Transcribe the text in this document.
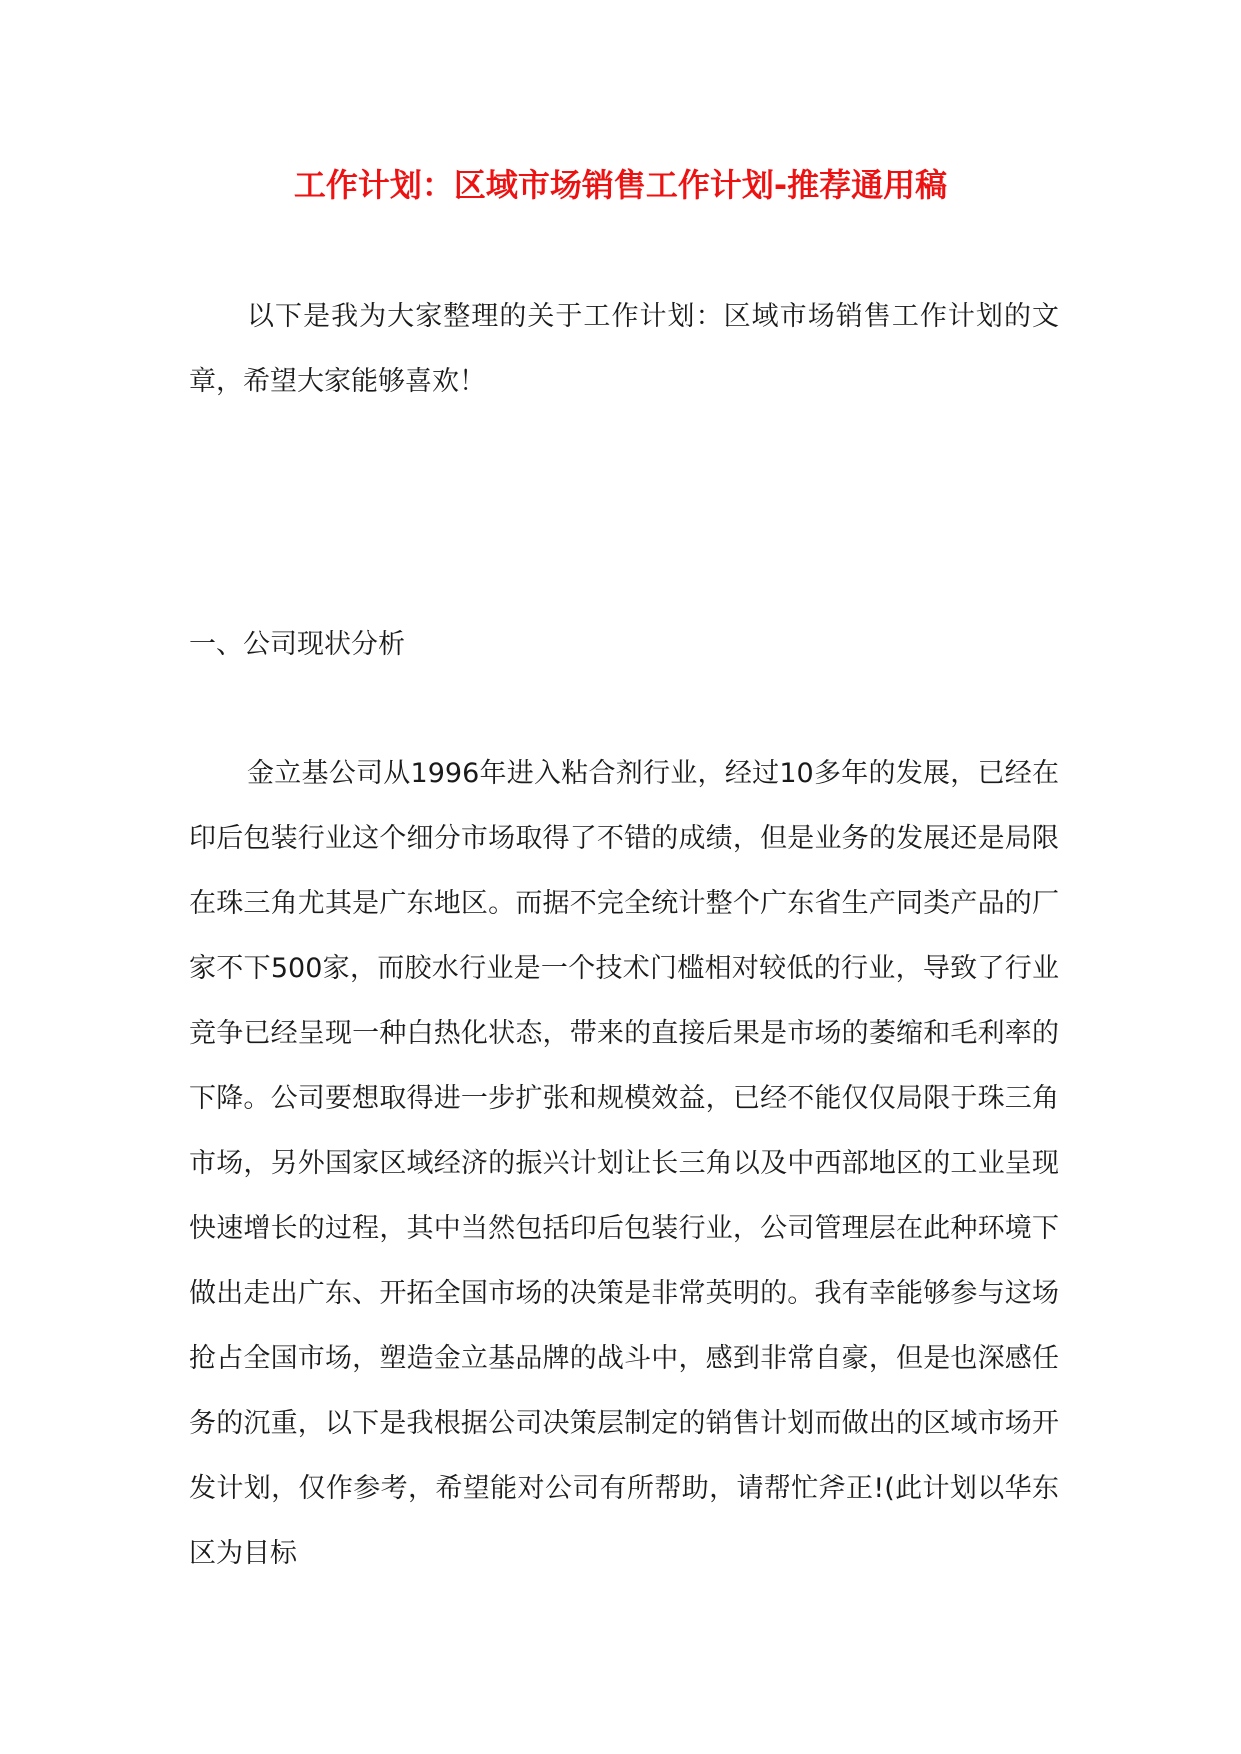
工作计划：区域市场销售工作计划-推荐通用稿

以下是我为大家整理的关于工作计划：区域市场销售工作计划的文章，希望大家能够喜欢！

一、公司现状分析

金立基公司从1996年进入粘合剂行业，经过10多年的发展，已经在印后包装行业这个细分市场取得了不错的成绩，但是业务的发展还是局限在珠三角尤其是广东地区。而据不完全统计整个广东省生产同类产品的厂家不下500家，而胶水行业是一个技术门槛相对较低的行业，导致了行业竞争已经呈现一种白热化状态，带来的直接后果是市场的萎缩和毛利率的下降。公司要想取得进一步扩张和规模效益，已经不能仅仅局限于珠三角市场，另外国家区域经济的振兴计划让长三角以及中西部地区的工业呈现快速增长的过程，其中当然包括印后包装行业，公司管理层在此种环境下做出走出广东、开拓全国市场的决策是非常英明的。我有幸能够参与这场抢占全国市场，塑造金立基品牌的战斗中，感到非常自豪，但是也深感任务的沉重，以下是我根据公司决策层制定的销售计划而做出的区域市场开发计划，仅作参考，希望能对公司有所帮助，请帮忙斧正!(此计划以华东区为目标
